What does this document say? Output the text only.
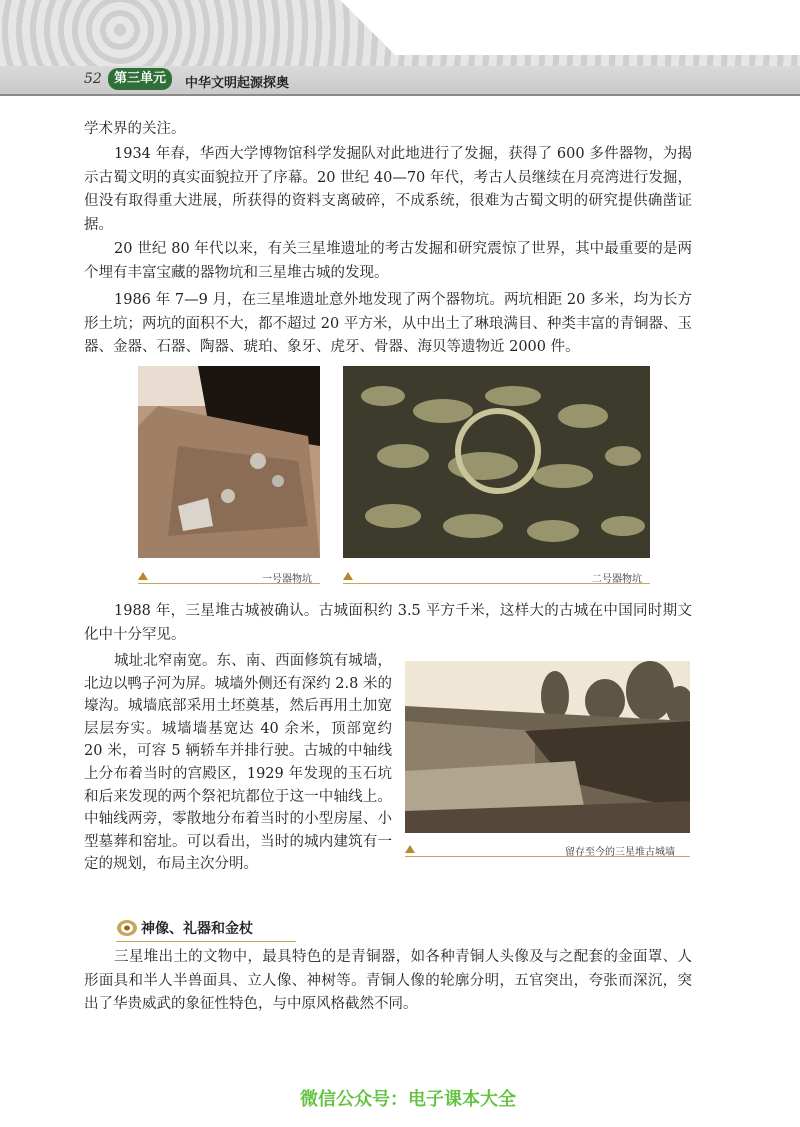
52 第三单元	中华文明起源探奥

学术界的关注。

1934 年春，华西大学博物馆科学发掘队对此地进行了发掘，获得了 600 多件器物，为揭示古蜀文明的真实面貌拉开了序幕。20 世纪 40—70 年代，考古人员继续在月亮湾进行发掘，但没有取得重大进展，所获得的资料支离破碎，不成系统，很难为古蜀文明的研究提供确凿证据。

20 世纪 80 年代以来，有关三星堆遗址的考古发掘和研究震惊了世界，其中最重要的是两个埋有丰富宝藏的器物坑和三星堆古城的发现。

1986 年 7—9 月，在三星堆遗址意外地发现了两个器物坑。两坑相距 20 多米，均为长方形土坑；两坑的面积不大，都不超过 20 平方米，从中出土了琳琅满目、种类丰富的青铜器、玉器、金器、石器、陶器、琥珀、象牙、虎牙、骨器、海贝等遗物近 2000 件。

一号器物坑	二号器物坑

1988 年，三星堆古城被确认。古城面积约 3.5 平方千米，这样大的古城在中国同时期文化中十分罕见。

城址北窄南宽。东、南、西面修筑有城墙，北边以鸭子河为屏。城墙外侧还有深约 2.8 米的壕沟。城墙底部采用土坯奠基，然后再用土加宽层层夯实。城墙墙基宽达 40 余米，顶部宽约 20 米，可容 5 辆轿车并排行驶。古城的中轴线上分布着当时的宫殿区，1929 年发现的玉石坑和后来发现的两个祭祀坑都位于这一中轴线上。中轴线两旁，零散地分布着当时的小型房屋、小型墓葬和窑址。可以看出，当时的城内建筑有一定的规划，布局主次分明。

留存至今的三星堆古城墙
神像、礼器和金杖

三星堆出土的文物中，最具特色的是青铜器，如各种青铜人头像及与之配套的金面罩、人形面具和半人半兽面具、立人像、神树等。青铜人像的轮廓分明，五官突出，夸张而深沉，突出了华贵威武的象征性特色，与中原风格截然不同。

微信公众号：电子课本大全
